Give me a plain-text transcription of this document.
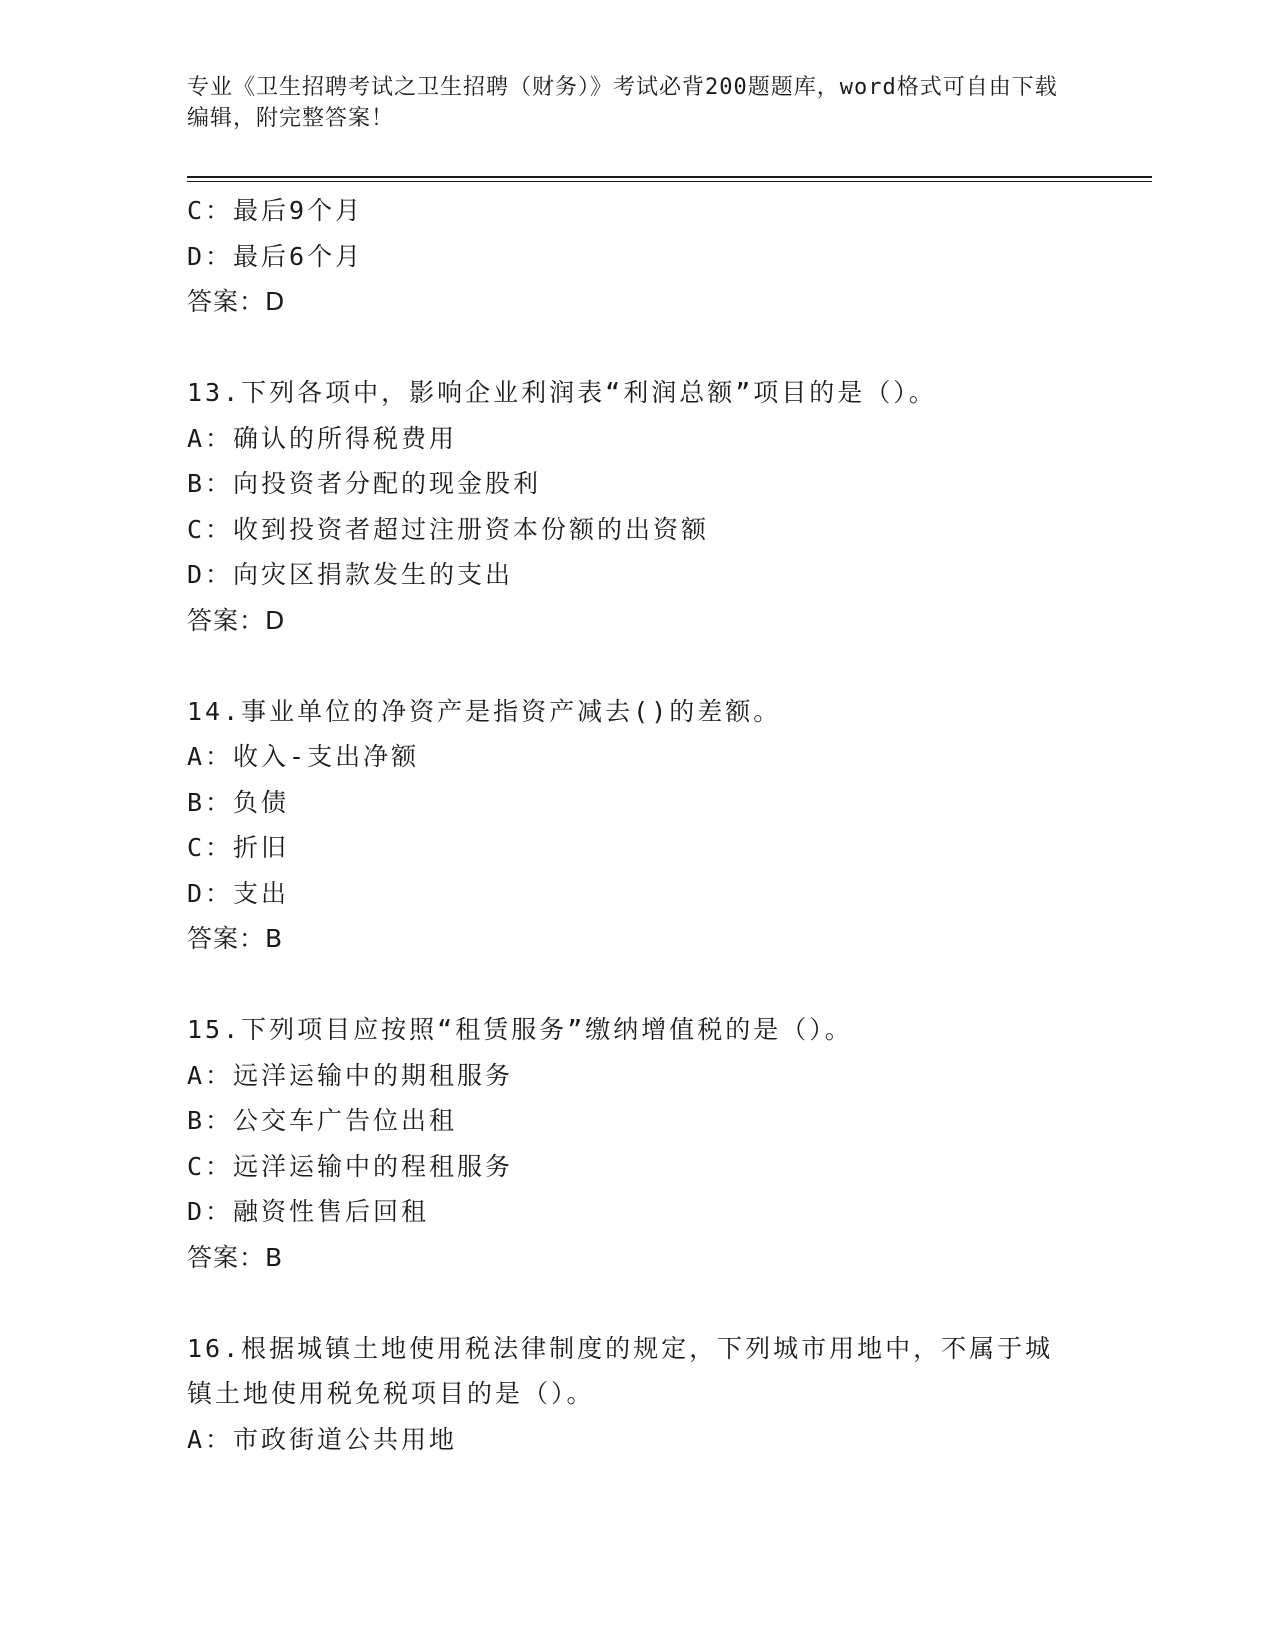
专业《卫生招聘考试之卫生招聘（财务）》考试必背200题题库，word格式可自由下载编辑，附完整答案！
C：最后9个月
D：最后6个月
答案：D
13.下列各项中，影响企业利润表“利润总额”项目的是（）。
A：确认的所得税费用
B：向投资者分配的现金股利
C：收到投资者超过注册资本份额的出资额
D：向灾区捐款发生的支出
答案：D
14.事业单位的净资产是指资产减去()的差额。
A：收入-支出净额
B：负债
C：折旧
D：支出
答案：B
15.下列项目应按照“租赁服务”缴纳增值税的是（）。
A：远洋运输中的期租服务
B：公交车广告位出租
C：远洋运输中的程租服务
D：融资性售后回租
答案：B
16.根据城镇土地使用税法律制度的规定，下列城市用地中，不属于城镇土地使用税免税项目的是（）。
A：市政街道公共用地
